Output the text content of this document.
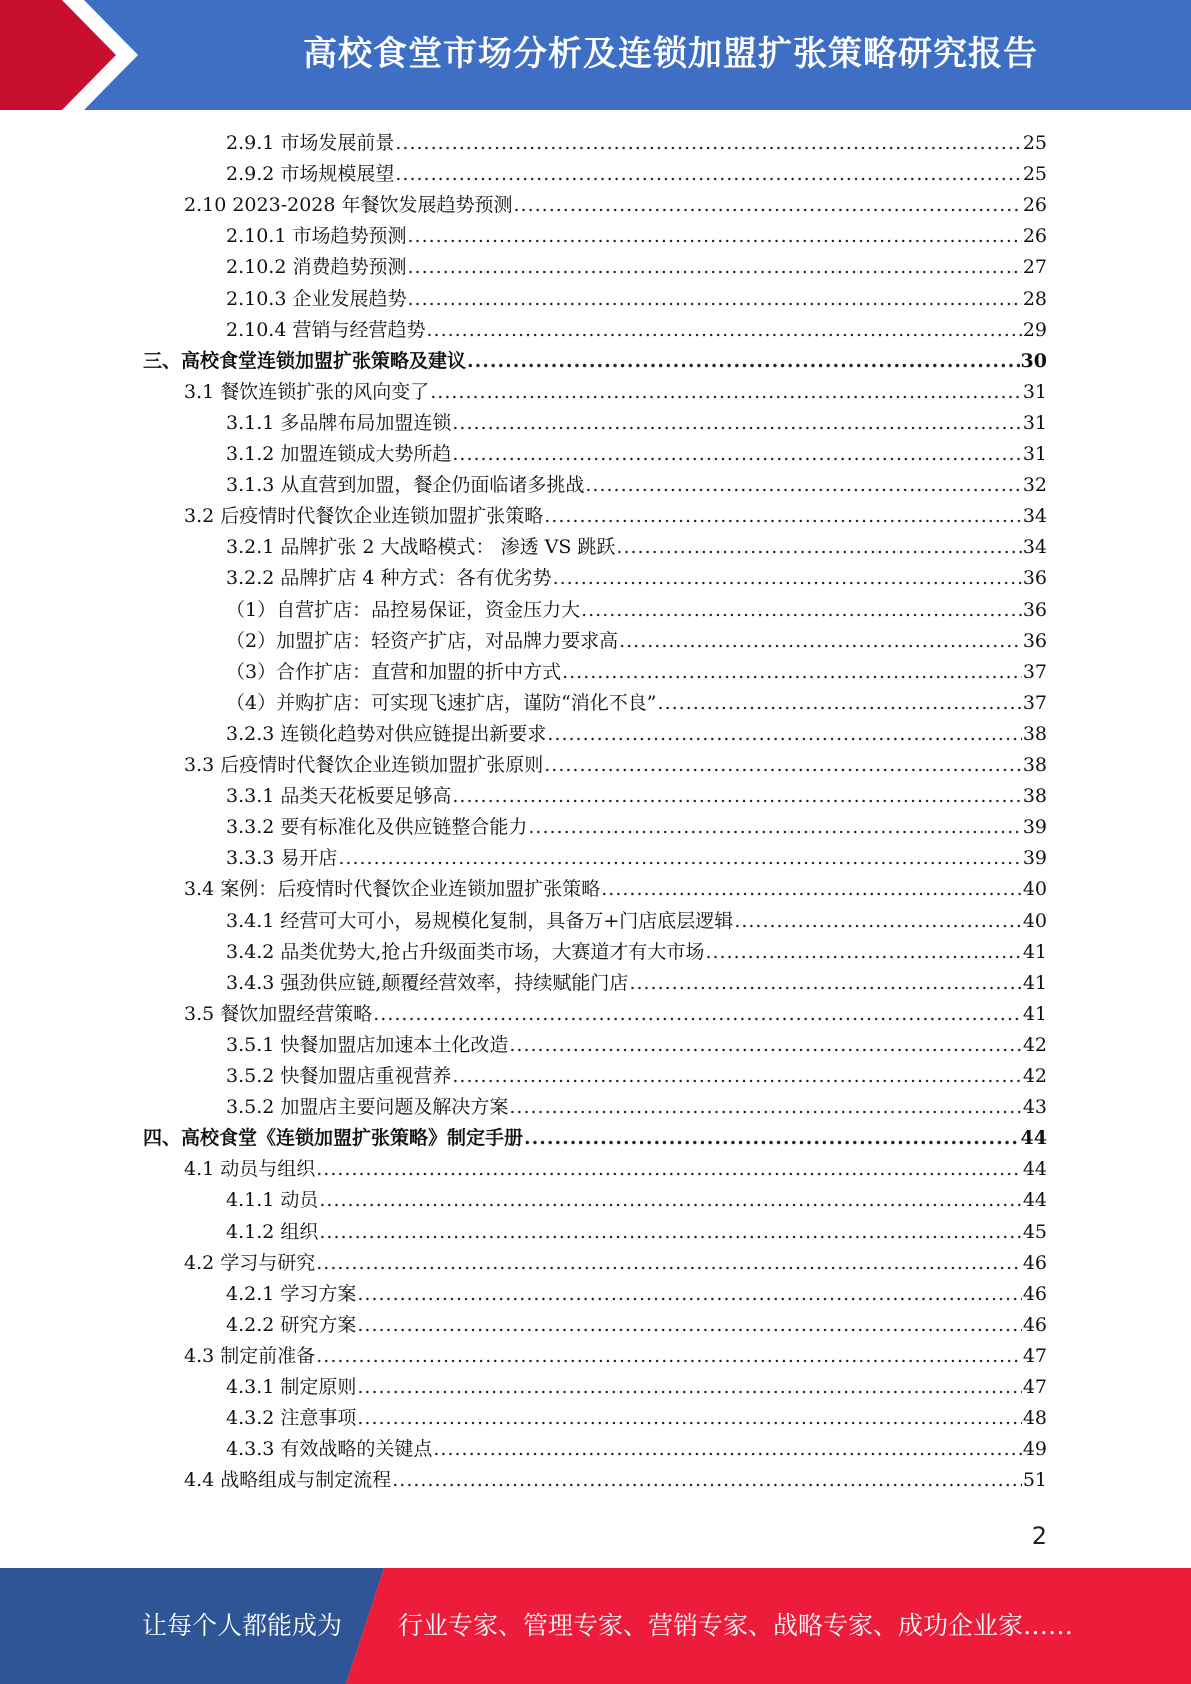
高校食堂市场分析及连锁加盟扩张策略研究报告
2.9.1 市场发展前景 .....	25
2.9.2 市场规模展望 .....	25
2.10 2023-2028 年餐饮发展趋势预测 .....	26
2.10.1 市场趋势预测 .....	26
2.10.2 消费趋势预测 .....	27
2.10.3 企业发展趋势 .....	28
2.10.4 营销与经营趋势 .....	29
三、高校食堂连锁加盟扩张策略及建议 .....	30
3.1 餐饮连锁扩张的风向变了 .....	31
3.1.1 多品牌布局加盟连锁 .....	31
3.1.2 加盟连锁成大势所趋 .....	31
3.1.3 从直营到加盟，餐企仍面临诸多挑战 .....	32
3.2 后疫情时代餐饮企业连锁加盟扩张策略 .....	34
3.2.1 品牌扩张 2 大战略模式： 渗透 VS 跳跃 .....	34
3.2.2 品牌扩店 4 种方式：各有优劣势 .....	36
（1）自营扩店：品控易保证，资金压力大 .....	36
（2）加盟扩店：轻资产扩店，对品牌力要求高 .....	36
（3）合作扩店：直营和加盟的折中方式 .....	37
（4）并购扩店：可实现飞速扩店，谨防“消化不良” .....	37
3.2.3 连锁化趋势对供应链提出新要求 .....	38
3.3 后疫情时代餐饮企业连锁加盟扩张原则 .....	38
3.3.1 品类天花板要足够高 .....	38
3.3.2 要有标准化及供应链整合能力 .....	39
3.3.3 易开店 .....	39
3.4 案例：后疫情时代餐饮企业连锁加盟扩张策略 .....	40
3.4.1 经营可大可小，易规模化复制，具备万+门店底层逻辑 .....	40
3.4.2 品类优势大,抢占升级面类市场，大赛道才有大市场 .....	41
3.4.3 强劲供应链,颠覆经营效率，持续赋能门店 .....	41
3.5 餐饮加盟经营策略 .....	41
3.5.1 快餐加盟店加速本土化改造 .....	42
3.5.2 快餐加盟店重视营养 .....	42
3.5.2 加盟店主要问题及解决方案 .....	43
四、高校食堂《连锁加盟扩张策略》制定手册 .....	44
4.1 动员与组织 .....	44
4.1.1 动员 .....	44
4.1.2 组织 .....	45
4.2 学习与研究 .....	46
4.2.1 学习方案 .....	46
4.2.2 研究方案 .....	46
4.3 制定前准备 .....	47
4.3.1 制定原则 .....	47
4.3.2 注意事项 .....	48
4.3.3 有效战略的关键点 .....	49
4.4 战略组成与制定流程 .....	51
2
让每个人都能成为 行业专家、管理专家、营销专家、战略专家、成功企业家……
